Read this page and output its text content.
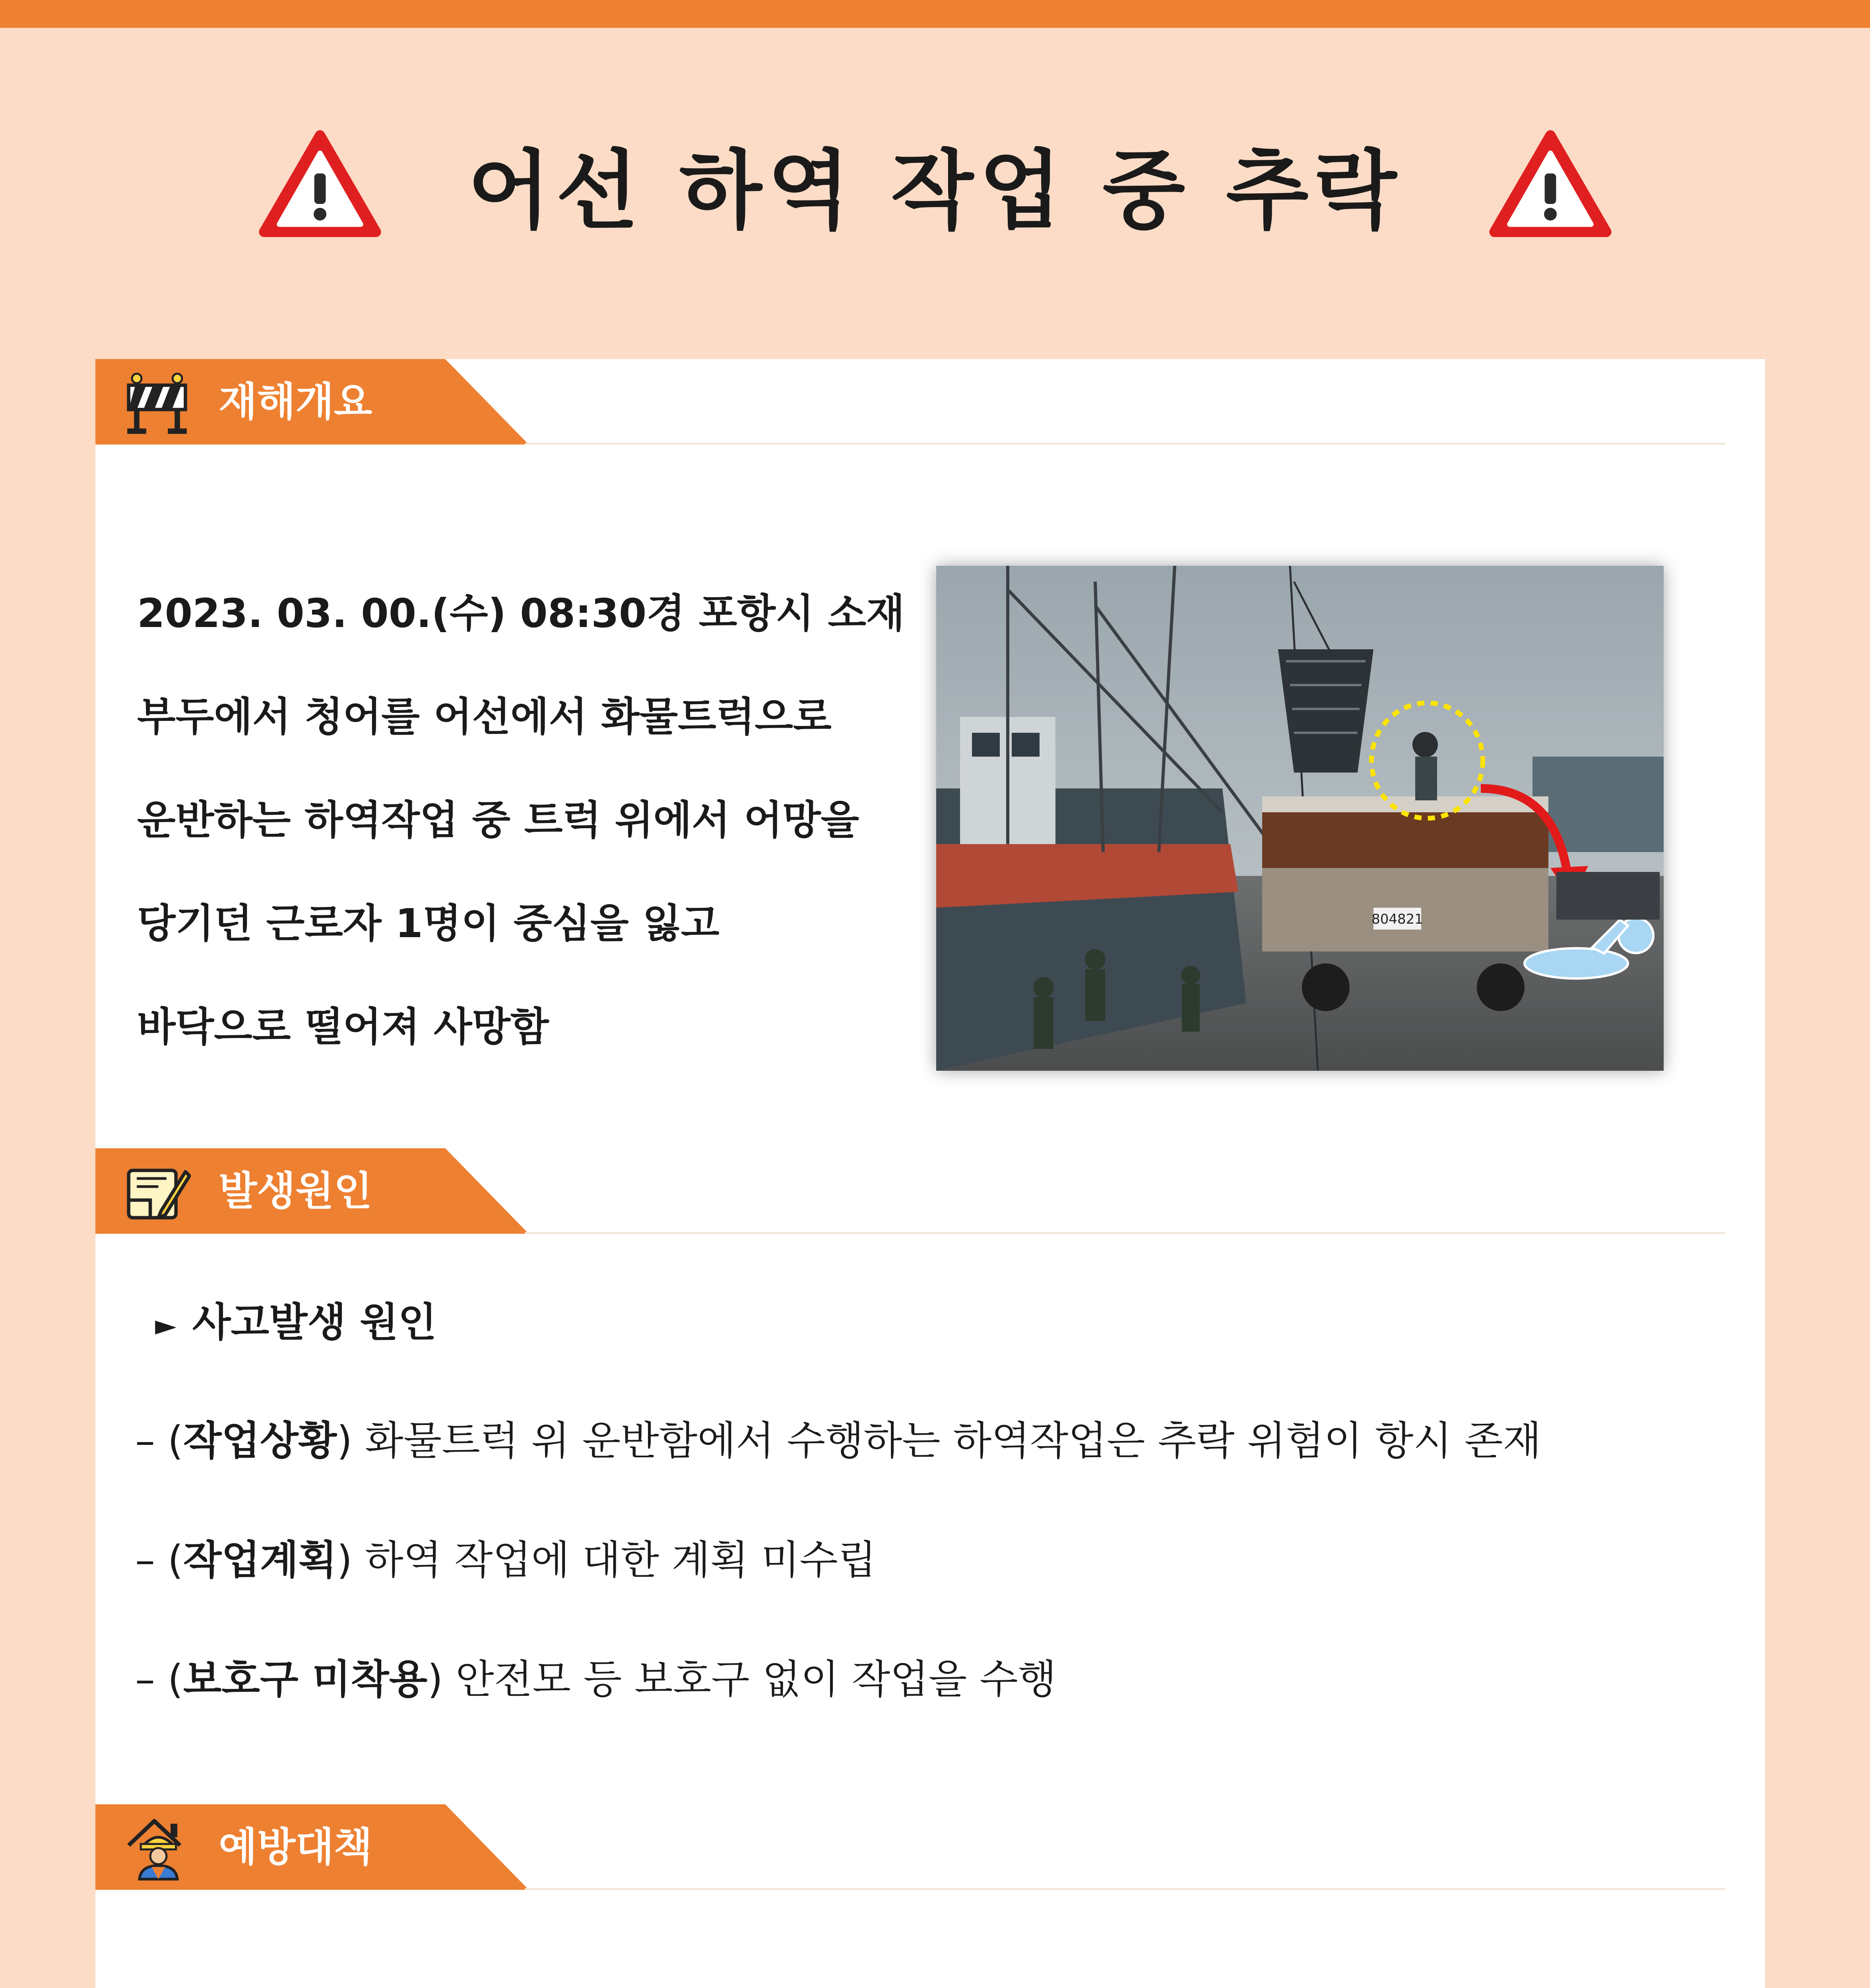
어선 하역 작업 중 추락
재해개요
2023. 03. 00.(수) 08:30경 포항시 소재
부두에서 청어를 어선에서 화물트럭으로
운반하는 하역작업 중 트럭 위에서 어망을
당기던 근로자 1명이 중심을 잃고
바닥으로 떨어져 사망함
804821
발생원인
► 사고발생 원인
– (작업상황) 화물트럭 위 운반함에서 수행하는 하역작업은 추락 위험이 항시 존재
– (작업계획) 하역 작업에 대한 계획 미수립
– (보호구 미착용) 안전모 등 보호구 없이 작업을 수행
예방대책
